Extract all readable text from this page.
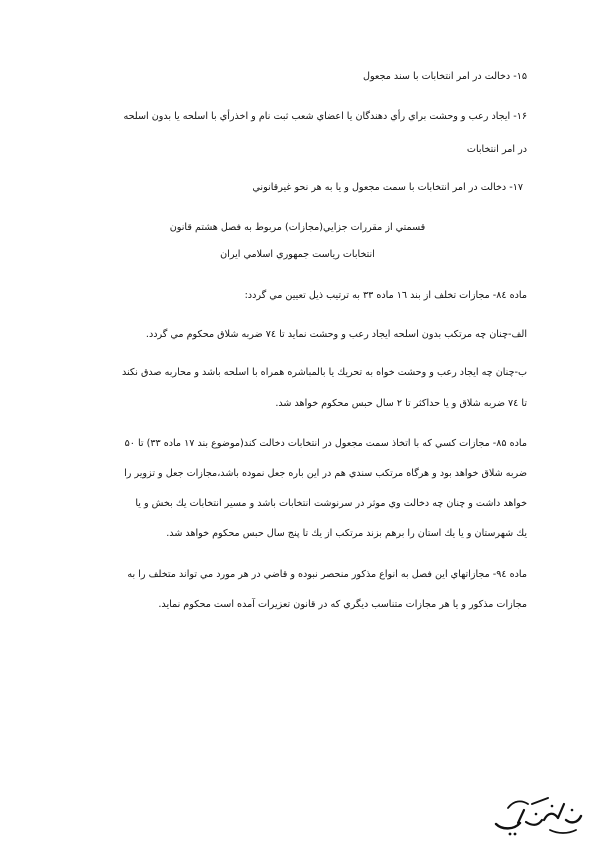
۱۵- دخالت در امر انتخابات با سند مجعول
۱۶- ایجاد رعب و وحشت براي رأي دهندگان يا اعضاي شعب ثبت نام و اخذرأي با اسلحه يا بدون اسلحه
در امر انتخابات
۱۷- دخالت در امر انتخابات با سمت مجعول و يا به هر نحو غيرقانوني
قسمتي از مقررات جزايي(مجازات) مربوط به فصل هشتم قانون
انتخابات رياست جمهوري اسلامي ايران
ماده ۸٤- مجازات تخلف از بند ۱٦ ماده ۳۳ به ترتيب ذيل تعيين مي گردد:
الف-چنان چه مرتكب بدون اسلحه ايجاد رعب و وحشت نمايد تا ٧٤ ضربه شلاق محكوم مي گردد.
ب-چنان چه ايجاد رعب و وحشت خواه به تحريك يا بالمباشره همراه با اسلحه باشد و محاربه صدق نكند
تا ٧٤ ضربه شلاق و يا حداكثر تا ۲ سال حبس محكوم خواهد شد.
ماده ۸۵- مجازات كسي كه با اتخاذ سمت مجعول در انتخابات دخالت كند(موضوع بند ۱٧ ماده ۳۳) تا ۵۰
ضربه شلاق خواهد بود و هرگاه مرتكب سندي هم در اين باره جعل نموده باشد،مجازات جعل و تزوير را
خواهد داشت و چنان چه دخالت وي موثر در سرنوشت انتخابات باشد و مسير انتخابات يك بخش و يا
يك شهرستان و يا يك استان را برهم بزند مرتكب از يك تا پنج سال حبس محكوم خواهد شد.
ماده ۹٤- مجازاتهاي اين فصل به انواع مذكور منحصر نبوده و قاضي در هر مورد مي تواند متخلف را به
مجازات مذكور و يا هر مجازات متناسب ديگري كه در قانون تعزيرات آمده است محكوم نمايد.
